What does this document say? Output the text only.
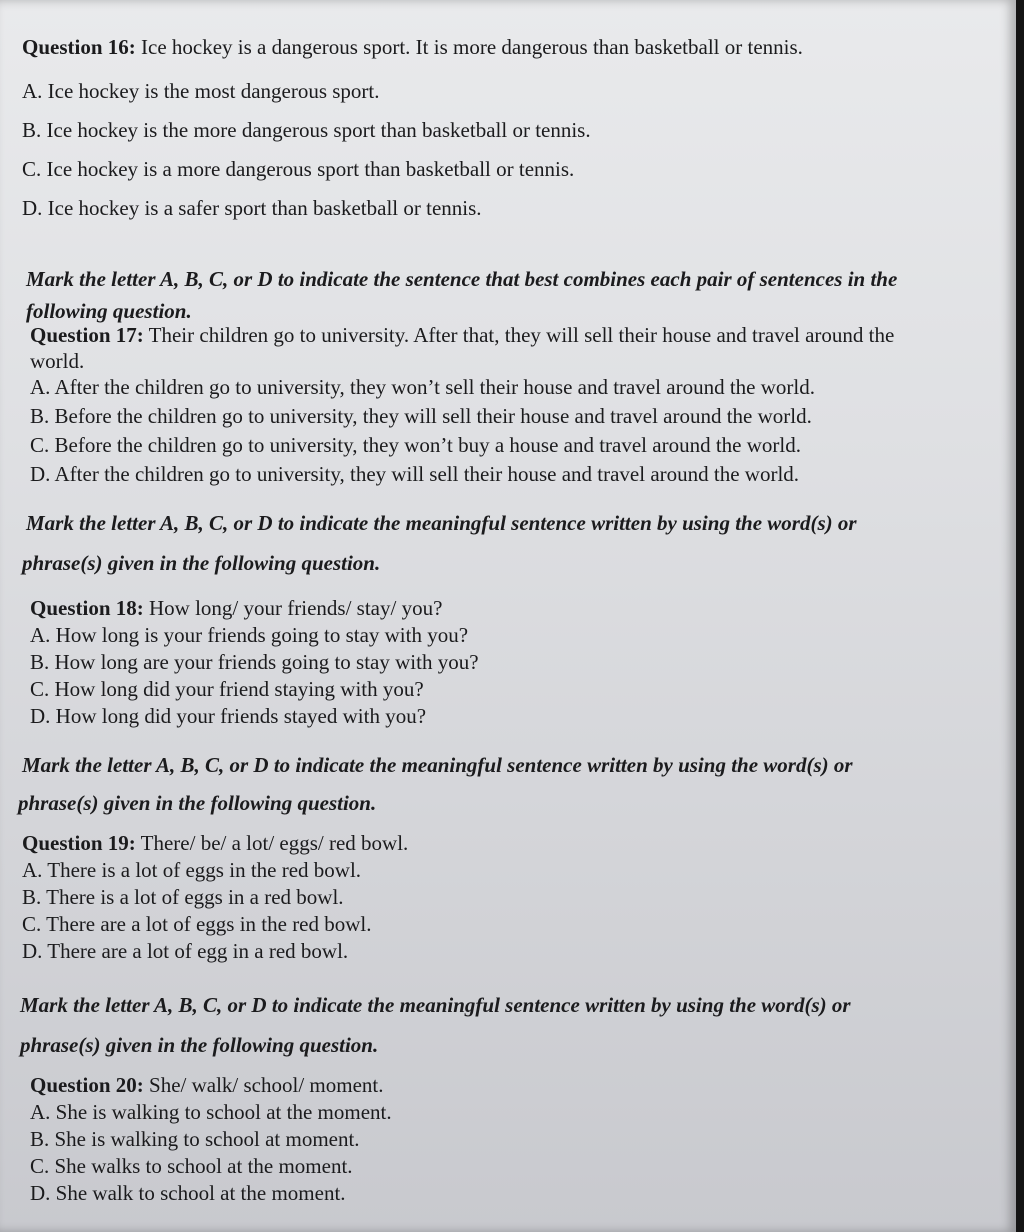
Question 16: Ice hockey is a dangerous sport. It is more dangerous than basketball or tennis.
A. Ice hockey is the most dangerous sport.
B. Ice hockey is the more dangerous sport than basketball or tennis.
C. Ice hockey is a more dangerous sport than basketball or tennis.
D. Ice hockey is a safer sport than basketball or tennis.
Mark the letter A, B, C, or D to indicate the sentence that best combines each pair of sentences in the
following question.
Question 17: Their children go to university. After that, they will sell their house and travel around the
world.
A. After the children go to university, they won’t sell their house and travel around the world.
B. Before the children go to university, they will sell their house and travel around the world.
C. Before the children go to university, they won’t buy a house and travel around the world.
D. After the children go to university, they will sell their house and travel around the world.
Mark the letter A, B, C, or D to indicate the meaningful sentence written by using the word(s) or
phrase(s) given in the following question.
Question 18: How long/ your friends/ stay/ you?
A. How long is your friends going to stay with you?
B. How long are your friends going to stay with you?
C. How long did your friend staying with you?
D. How long did your friends stayed with you?
Mark the letter A, B, C, or D to indicate the meaningful sentence written by using the word(s) or
phrase(s) given in the following question.
Question 19: There/ be/ a lot/ eggs/ red bowl.
A. There is a lot of eggs in the red bowl.
B. There is a lot of eggs in a red bowl.
C. There are a lot of eggs in the red bowl.
D. There are a lot of egg in a red bowl.
Mark the letter A, B, C, or D to indicate the meaningful sentence written by using the word(s) or
phrase(s) given in the following question.
Question 20: She/ walk/ school/ moment.
A. She is walking to school at the moment.
B. She is walking to school at moment.
C. She walks to school at the moment.
D. She walk to school at the moment.
